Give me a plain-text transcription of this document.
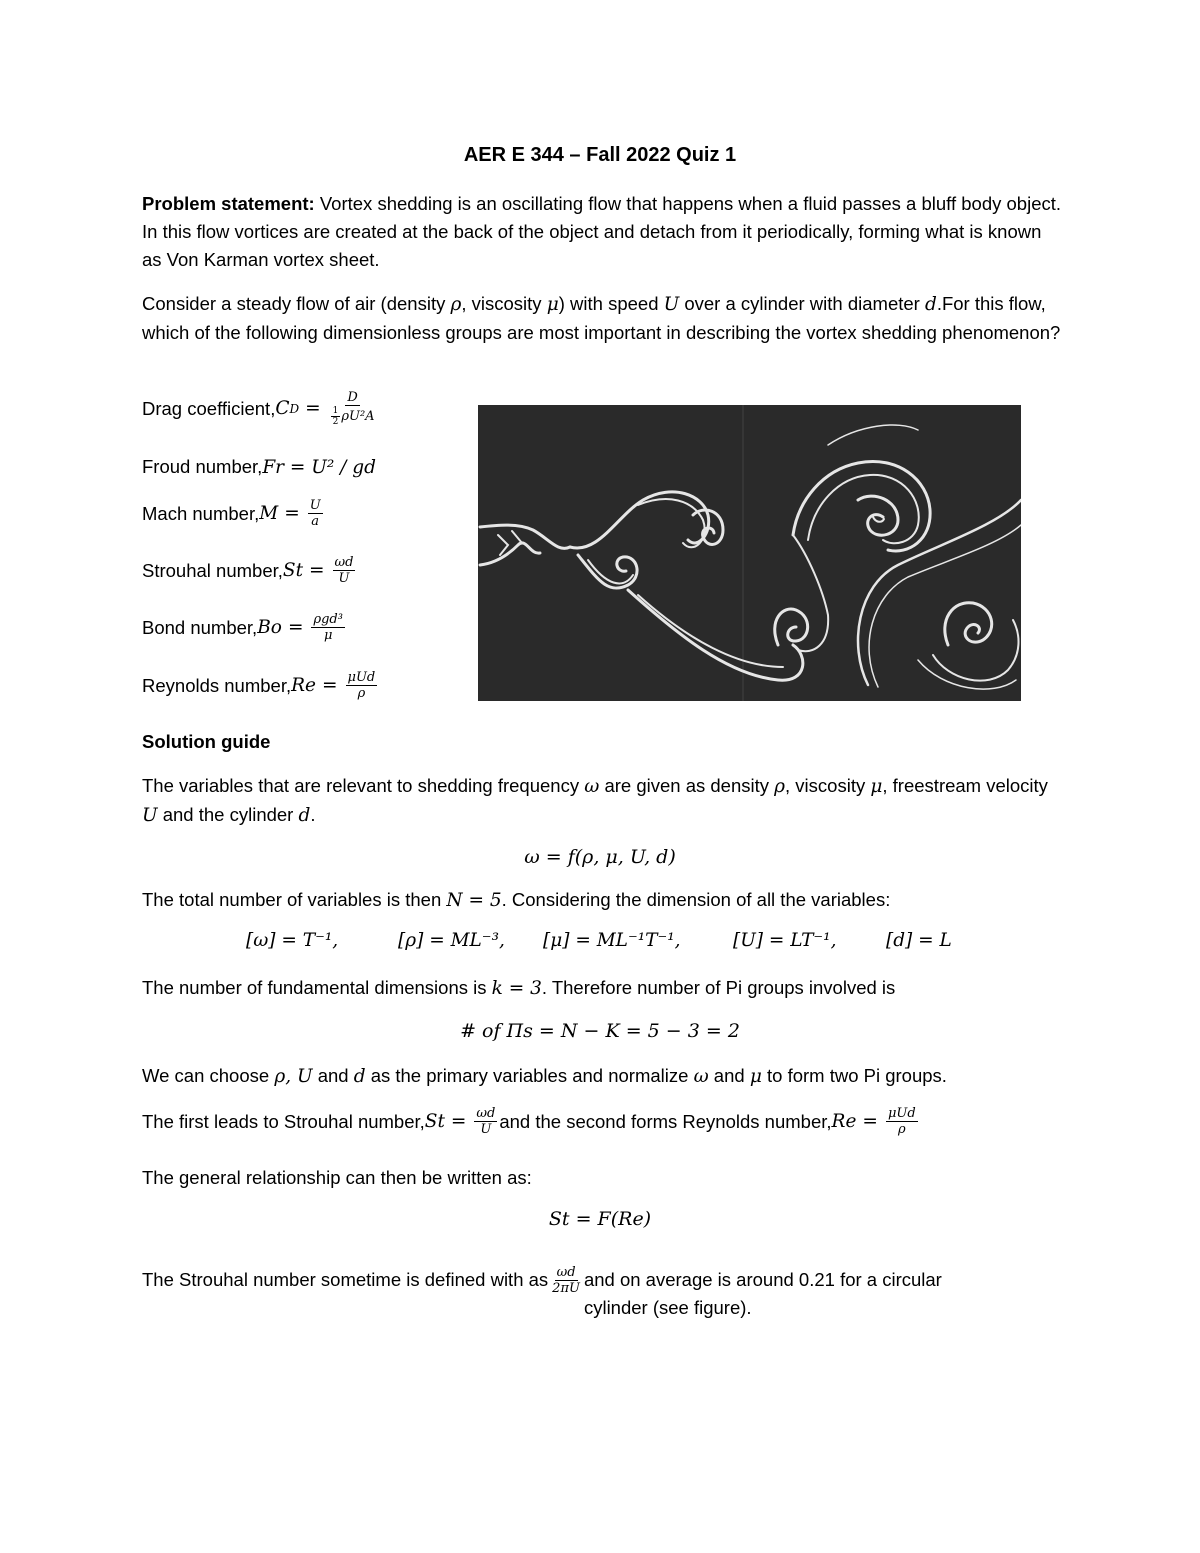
AER E 344 – Fall 2022 Quiz 1

Problem statement: Vortex shedding is an oscillating flow that happens when a fluid passes a bluff body object. In this flow vortices are created at the back of the object and detach from it periodically, forming what is known as Von Karman vortex sheet.

Consider a steady flow of air (density ρ, viscosity μ) with speed U over a cylinder with diameter d.For this flow, which of the following dimensionless groups are most important in describing the vortex shedding phenomenon?

Drag coefficient, C $D = \frac{D}{\frac{1}{2} \rho U^2A}$
Froud number, Fr = U² / gd
Mach number, $M = \frac{U}{a}$
Strouhal number, $St = \frac{\omega d}{U}$
Bond number, $Bo = \frac{\text{ρgd³}}{\mu}$
Reynolds number, $Re = \frac{\text{μUd}}{\rho}$
Solution guide

The variables that are relevant to shedding frequency ω are given as density ρ, viscosity μ, freestream velocity U and the cylinder d.

ω = f(ρ, μ, U, d)

The total number of variables is then N = 5. Considering the dimension of all the variables:

[ω] = T⁻¹,	[ρ] = ML⁻³, [μ] = ML⁻¹T⁻¹,	[U] = LT⁻¹,	[d] = L

The number of fundamental dimensions is k = 3. Therefore number of Pi groups involved is

# of Πs = N − K = 5 − 3 = 2

We can choose ρ, U and d as the primary variables and normalize ω and μ to form two Pi groups.

The first leads to Strouhal number, $St = \frac{\omega d}{U}$ and the second forms Reynolds number, $Re = \frac{\text{μUd}}{\rho}$

The general relationship can then be written as:

St = F(Re)
The Strouhal number sometime is defined with as $\frac{\omega d}{2\pi U}$ and on average is around 0.21 for a circular cylinder (see figure).
